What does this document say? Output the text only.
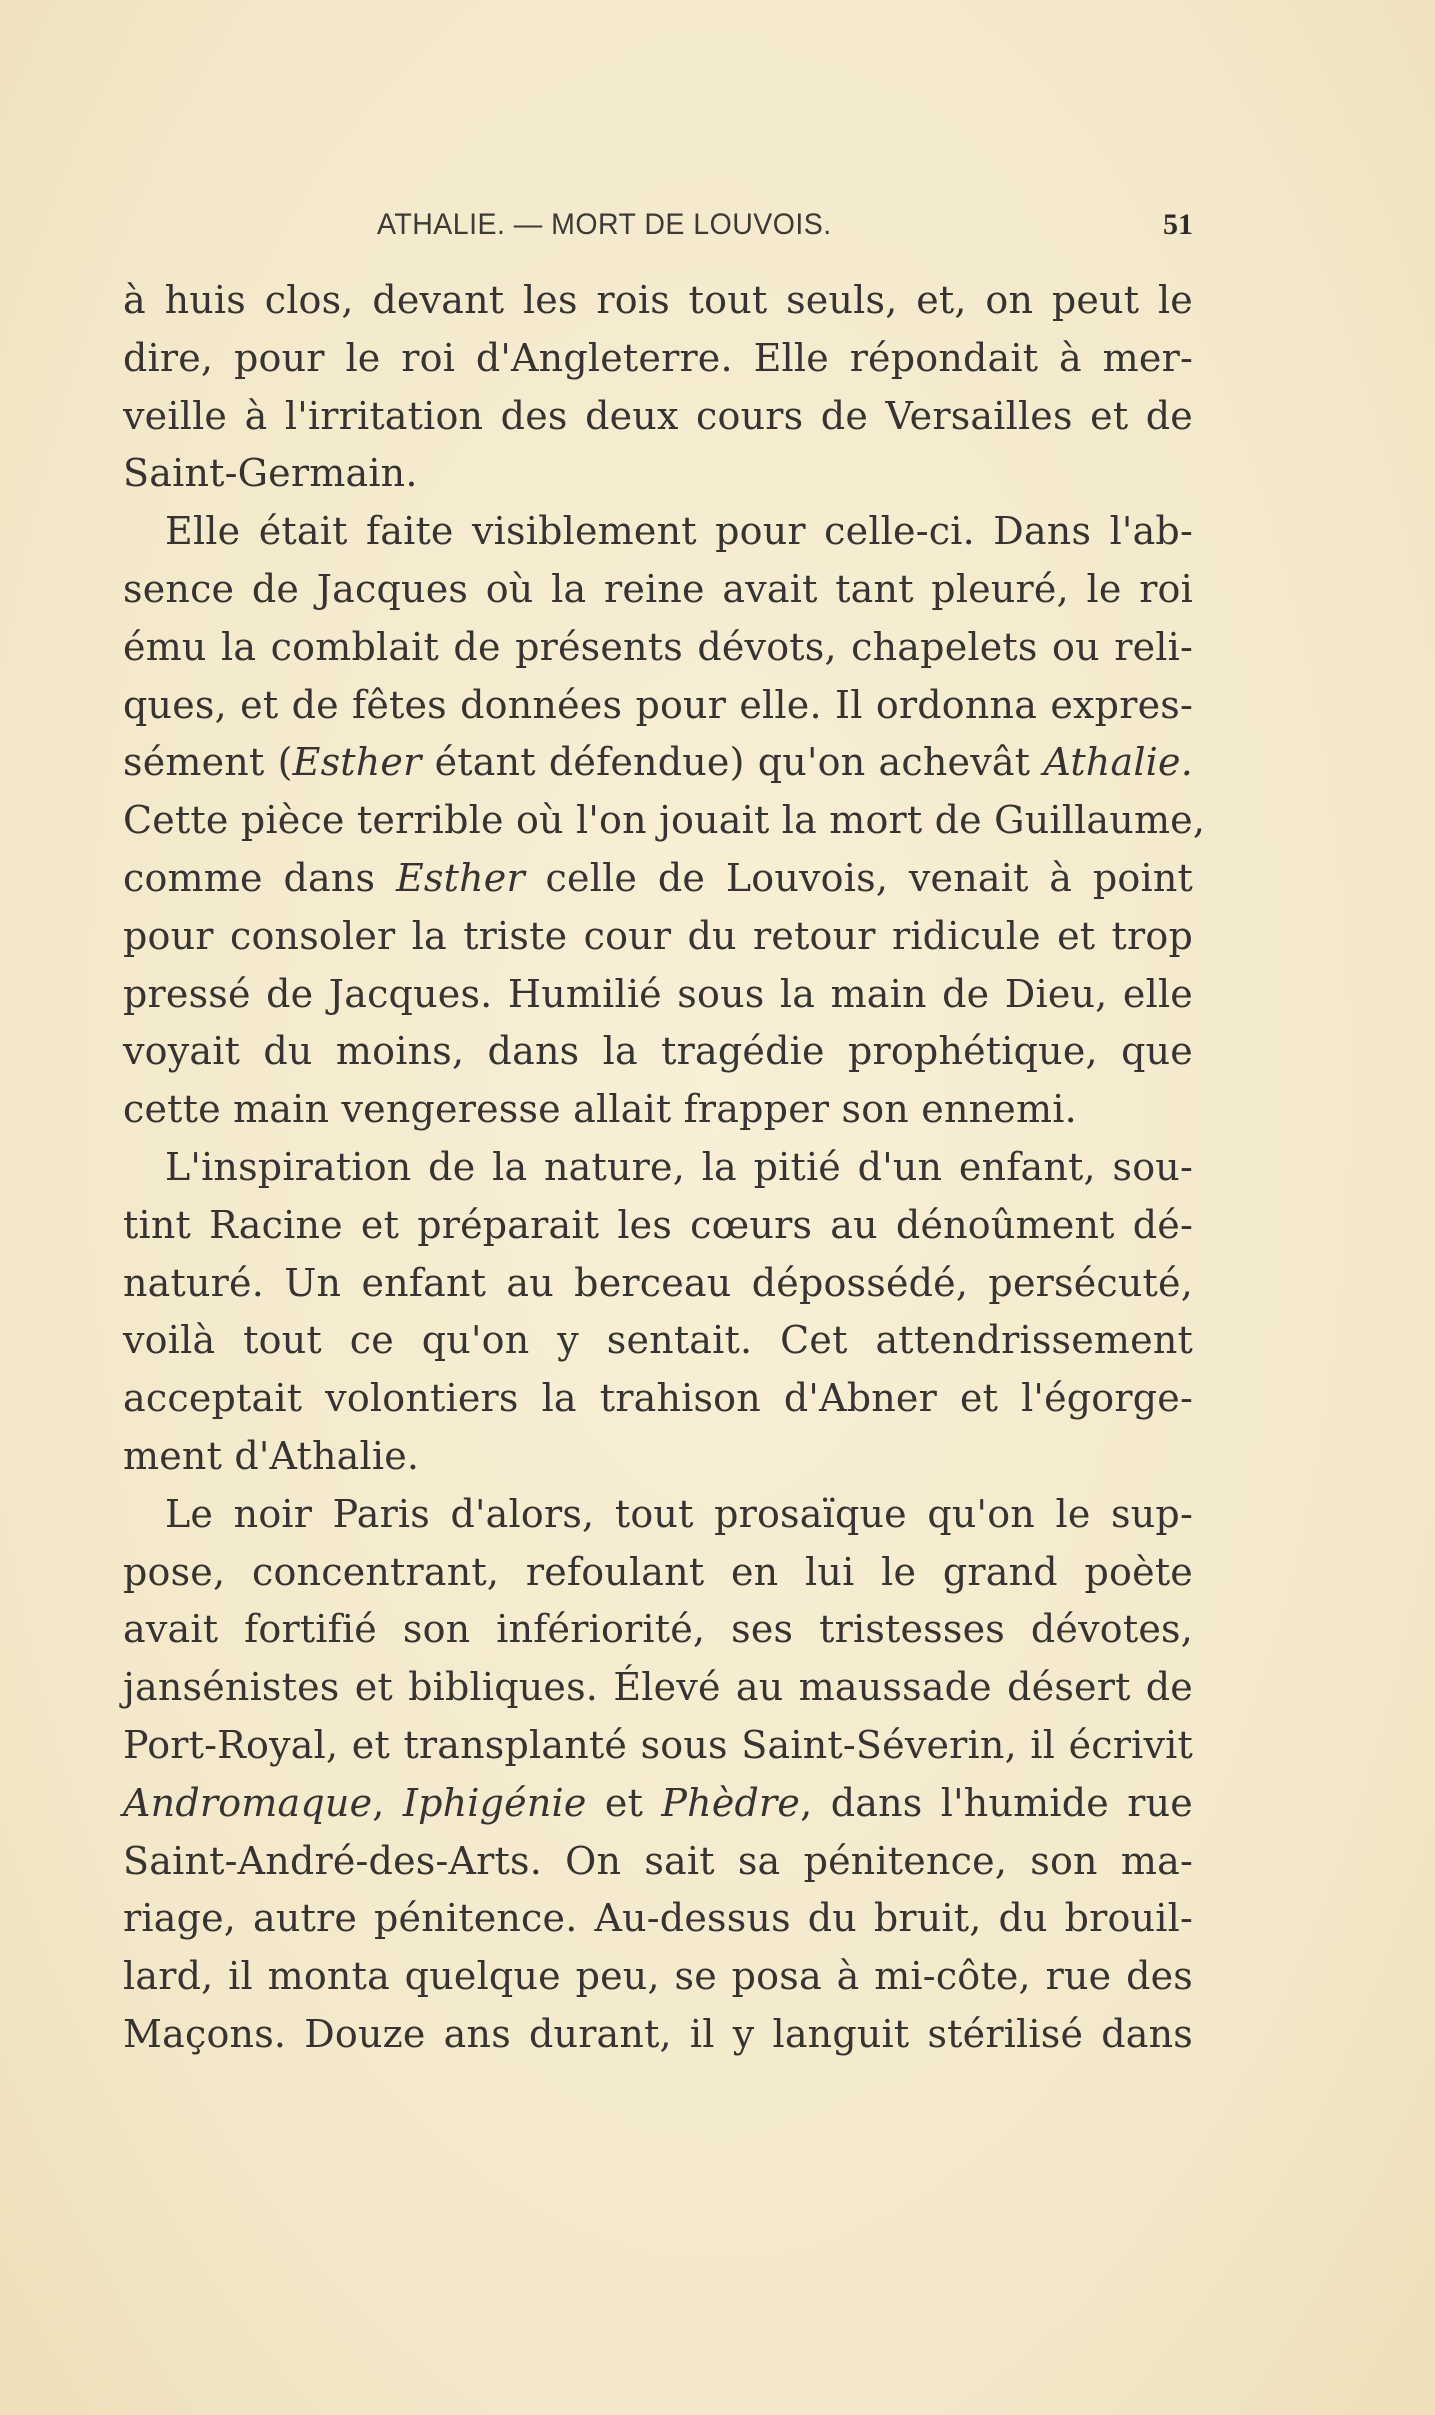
ATHALIE. — MORT DE LOUVOIS.	51
à huis clos, devant les rois tout seuls, et, on peut le
dire, pour le roi d'Angleterre. Elle répondait à mer-
veille à l'irritation des deux cours de Versailles et de
Saint-Germain.
Elle était faite visiblement pour celle-ci. Dans l'ab-
sence de Jacques où la reine avait tant pleuré, le roi
ému la comblait de présents dévots, chapelets ou reli-
ques, et de fêtes données pour elle. Il ordonna expres-
sément (Esther étant défendue) qu'on achevât Athalie.
Cette pièce terrible où l'on jouait la mort de Guillaume,
comme dans Esther celle de Louvois, venait à point
pour consoler la triste cour du retour ridicule et trop
pressé de Jacques. Humilié sous la main de Dieu, elle
voyait du moins, dans la tragédie prophétique, que
cette main vengeresse allait frapper son ennemi.
L'inspiration de la nature, la pitié d'un enfant, sou-
tint Racine et préparait les cœurs au dénoûment dé-
naturé. Un enfant au berceau dépossédé, persécuté,
voilà tout ce qu'on y sentait. Cet attendrissement
acceptait volontiers la trahison d'Abner et l'égorge-
ment d'Athalie.
Le noir Paris d'alors, tout prosaïque qu'on le sup-
pose, concentrant, refoulant en lui le grand poète
avait fortifié son infériorité, ses tristesses dévotes,
jansénistes et bibliques. Élevé au maussade désert de
Port-Royal, et transplanté sous Saint-Séverin, il écrivit
Andromaque, Iphigénie et Phèdre, dans l'humide rue
Saint-André-des-Arts. On sait sa pénitence, son ma-
riage, autre pénitence. Au-dessus du bruit, du brouil-
lard, il monta quelque peu, se posa à mi-côte, rue des
Maçons. Douze ans durant, il y languit stérilisé dans
